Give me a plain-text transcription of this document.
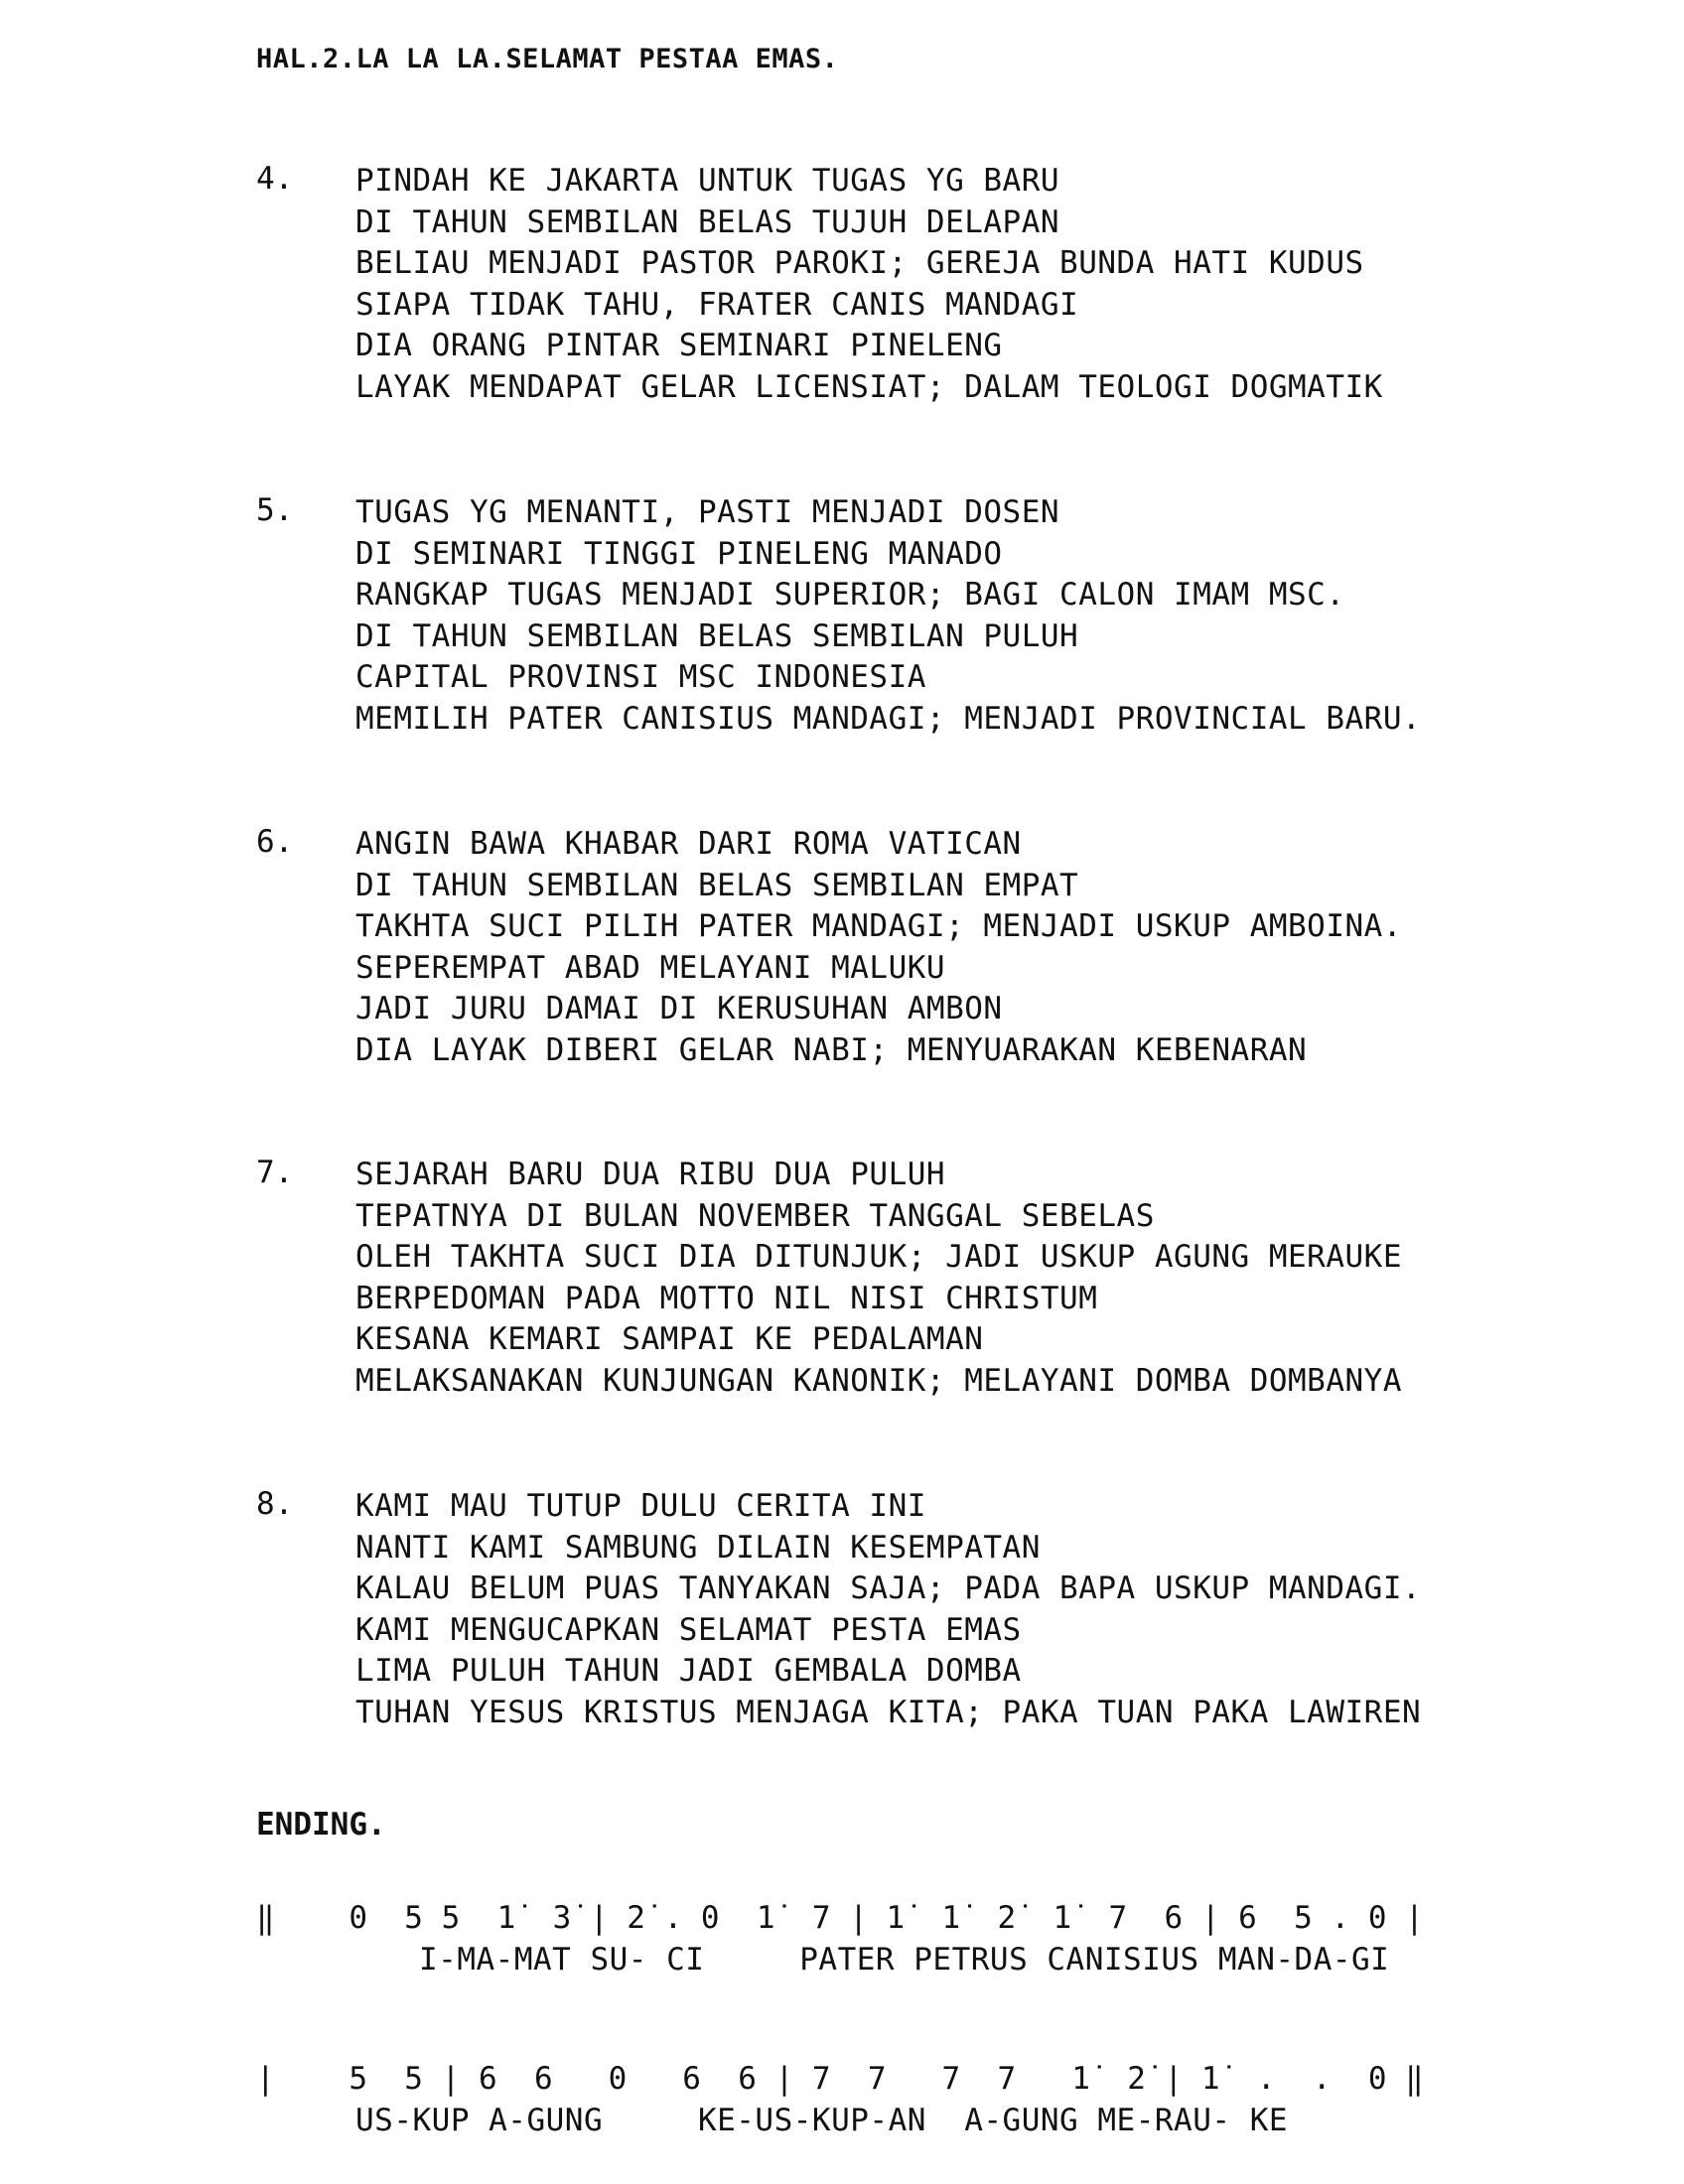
HAL.2.LA LA LA.SELAMAT PESTAA EMAS.
4. PINDAH KE JAKARTA UNTUK TUGAS YG BARU
DI TAHUN SEMBILAN BELAS TUJUH DELAPAN
BELIAU MENJADI PASTOR PAROKI; GEREJA BUNDA HATI KUDUS
SIAPA TIDAK TAHU, FRATER CANIS MANDAGI
DIA ORANG PINTAR SEMINARI PINELENG
LAYAK MENDAPAT GELAR LICENSIAT; DALAM TEOLOGI DOGMATIK
5. TUGAS YG MENANTI, PASTI MENJADI DOSEN
DI SEMINARI TINGGI PINELENG MANADO
RANGKAP TUGAS MENJADI SUPERIOR; BAGI CALON IMAM MSC.
DI TAHUN SEMBILAN BELAS SEMBILAN PULUH
CAPITAL PROVINSI MSC INDONESIA
MEMILIH PATER CANISIUS MANDAGI; MENJADI PROVINCIAL BARU.
6. ANGIN BAWA KHABAR DARI ROMA VATICAN
DI TAHUN SEMBILAN BELAS SEMBILAN EMPAT
TAKHTA SUCI PILIH PATER MANDAGI; MENJADI USKUP AMBOINA.
SEPEREMPAT ABAD MELAYANI MALUKU
JADI JURU DAMAI DI KERUSUHAN AMBON
DIA LAYAK DIBERI GELAR NABI; MENYUARAKAN KEBENARAN
7. SEJARAH BARU DUA RIBU DUA PULUH
TEPATNYA DI BULAN NOVEMBER TANGGAL SEBELAS
OLEH TAKHTA SUCI DIA DITUNJUK; JADI USKUP AGUNG MERAUKE
BERPEDOMAN PADA MOTTO NIL NISI CHRISTUM
KESANA KEMARI SAMPAI KE PEDALAMAN
MELAKSANAKAN KUNJUNGAN KANONIK; MELAYANI DOMBA DOMBANYA
8. KAMI MAU TUTUP DULU CERITA INI
NANTI KAMI SAMBUNG DILAIN KESEMPATAN
KALAU BELUM PUAS TANYAKAN SAJA; PADA BAPA USKUP MANDAGI.
KAMI MENGUCAPKAN SELAMAT PESTA EMAS
LIMA PULUH TAHUN JADI GEMBALA DOMBA
TUHAN YESUS KRISTUS MENJAGA KITA; PAKA TUAN PAKA LAWIREN
ENDING.
‖    0  5 5  1̇  3̇ | 2̇ . 0  1̇  7 | 1̇  1̇  2̇  1̇  7  6 | 6  5 . 0 |
I-MA-MAT SU- CI     PATER PETRUS CANISIUS MAN-DA-GI
|    5  5 | 6  6   0   6  6 | 7  7   7  7   1̇  2̇ | 1̇  .  .  0 ‖
US-KUP A-GUNG     KE-US-KUP-AN  A-GUNG ME-RAU- KE
